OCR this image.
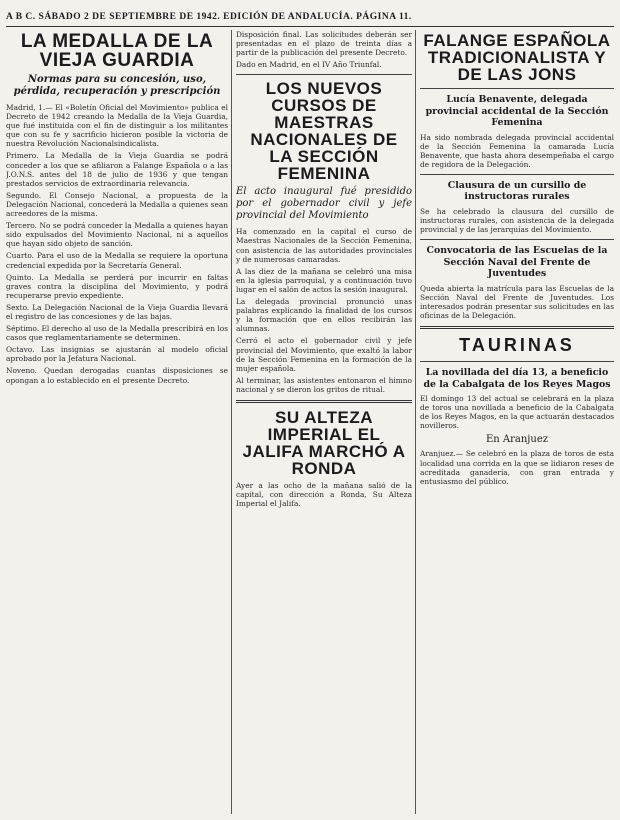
A B C. SÁBADO 2 DE SEPTIEMBRE DE 1942. EDICIÓN DE ANDALUCÍA. PÁGINA 11.
LA MEDALLA DE LA VIEJA GUARDIA
Normas para su concesión, uso, pérdida, recuperación y prescripción
Madrid, 1.— El «Boletín Oficial del Movimiento» publica el Decreto de 1942 creando la Medalla de la Vieja Guardia, que fué instituida con el fin de distinguir a los militantes que con su fe y sacrificio hicieron posible la victoria de nuestra Revolución Nacionalsindicalista.
Primero. La Medalla de la Vieja Guardia se podrá conceder a los que se afiliaron a Falange Española o a las J.O.N.S. antes del 18 de julio de 1936 y que tengan prestados servicios de extraordinaria relevancia.
Segundo. El Consejo Nacional, a propuesta de la Delegación Nacional, concederá la Medalla a quienes sean acreedores de la misma.
Tercero. No se podrá conceder la Medalla a quienes hayan sido expulsados del Movimiento Nacional, ni a aquellos que hayan sido objeto de sanción.
Cuarto. Para el uso de la Medalla se requiere la oportuna credencial expedida por la Secretaría General.
Quinto. La Medalla se perderá por incurrir en faltas graves contra la disciplina del Movimiento, y podrá recuperarse previo expediente.
Sexto. La Delegación Nacional de la Vieja Guardia llevará el registro de las concesiones y de las bajas.
Séptimo. El derecho al uso de la Medalla prescribirá en los casos que reglamentariamente se determinen.
Octavo. Las insignias se ajustarán al modelo oficial aprobado por la Jefatura Nacional.
Noveno. Quedan derogadas cuantas disposiciones se opongan a lo establecido en el presente Decreto.
Disposición final. Las solicitudes deberán ser presentadas en el plazo de treinta días a partir de la publicación del presente Decreto.
Dado en Madrid, en el IV Año Triunfal.
LOS NUEVOS CURSOS DE MAESTRAS NACIONALES DE LA SECCIÓN FEMENINA
El acto inaugural fué presidido por el gobernador civil y jefe provincial del Movimiento
Ha comenzado en la capital el curso de Maestras Nacionales de la Sección Femenina, con asistencia de las autoridades provinciales y de numerosas camaradas.
A las diez de la mañana se celebró una misa en la iglesia parroquial, y a continuación tuvo lugar en el salón de actos la sesión inaugural.
La delegada provincial pronunció unas palabras explicando la finalidad de los cursos y la formación que en ellos recibirán las alumnas.
Cerró el acto el gobernador civil y jefe provincial del Movimiento, que exaltó la labor de la Sección Femenina en la formación de la mujer española.
Al terminar, las asistentes entonaron el himno nacional y se dieron los gritos de ritual.
SU ALTEZA IMPERIAL EL JALIFA MARCHÓ A RONDA
Ayer a las ocho de la mañana salió de la capital, con dirección a Ronda, Su Alteza Imperial el Jalifa.
FALANGE ESPAÑOLA TRADICIONALISTA Y DE LAS JONS
Lucía Benavente, delegada provincial accidental de la Sección Femenina
Ha sido nombrada delegada provincial accidental de la Sección Femenina la camarada Lucía Benavente, que hasta ahora desempeñaba el cargo de regidora de la Delegación.
Clausura de un cursillo de instructoras rurales
Se ha celebrado la clausura del cursillo de instructoras rurales, con asistencia de la delegada provincial y de las jerarquías del Movimiento.
Convocatoria de las Escuelas de la Sección Naval del Frente de Juventudes
Queda abierta la matrícula para las Escuelas de la Sección Naval del Frente de Juventudes. Los interesados podrán presentar sus solicitudes en las oficinas de la Delegación.
TAURINAS
La novillada del día 13, a beneficio de la Cabalgata de los Reyes Magos
El domingo 13 del actual se celebrará en la plaza de toros una novillada a beneficio de la Cabalgata de los Reyes Magos, en la que actuarán destacados novilleros.
En Aranjuez
Aranjuez.— Se celebró en la plaza de toros de esta localidad una corrida en la que se lidiaron reses de acreditada ganadería, con gran entrada y entusiasmo del público.
